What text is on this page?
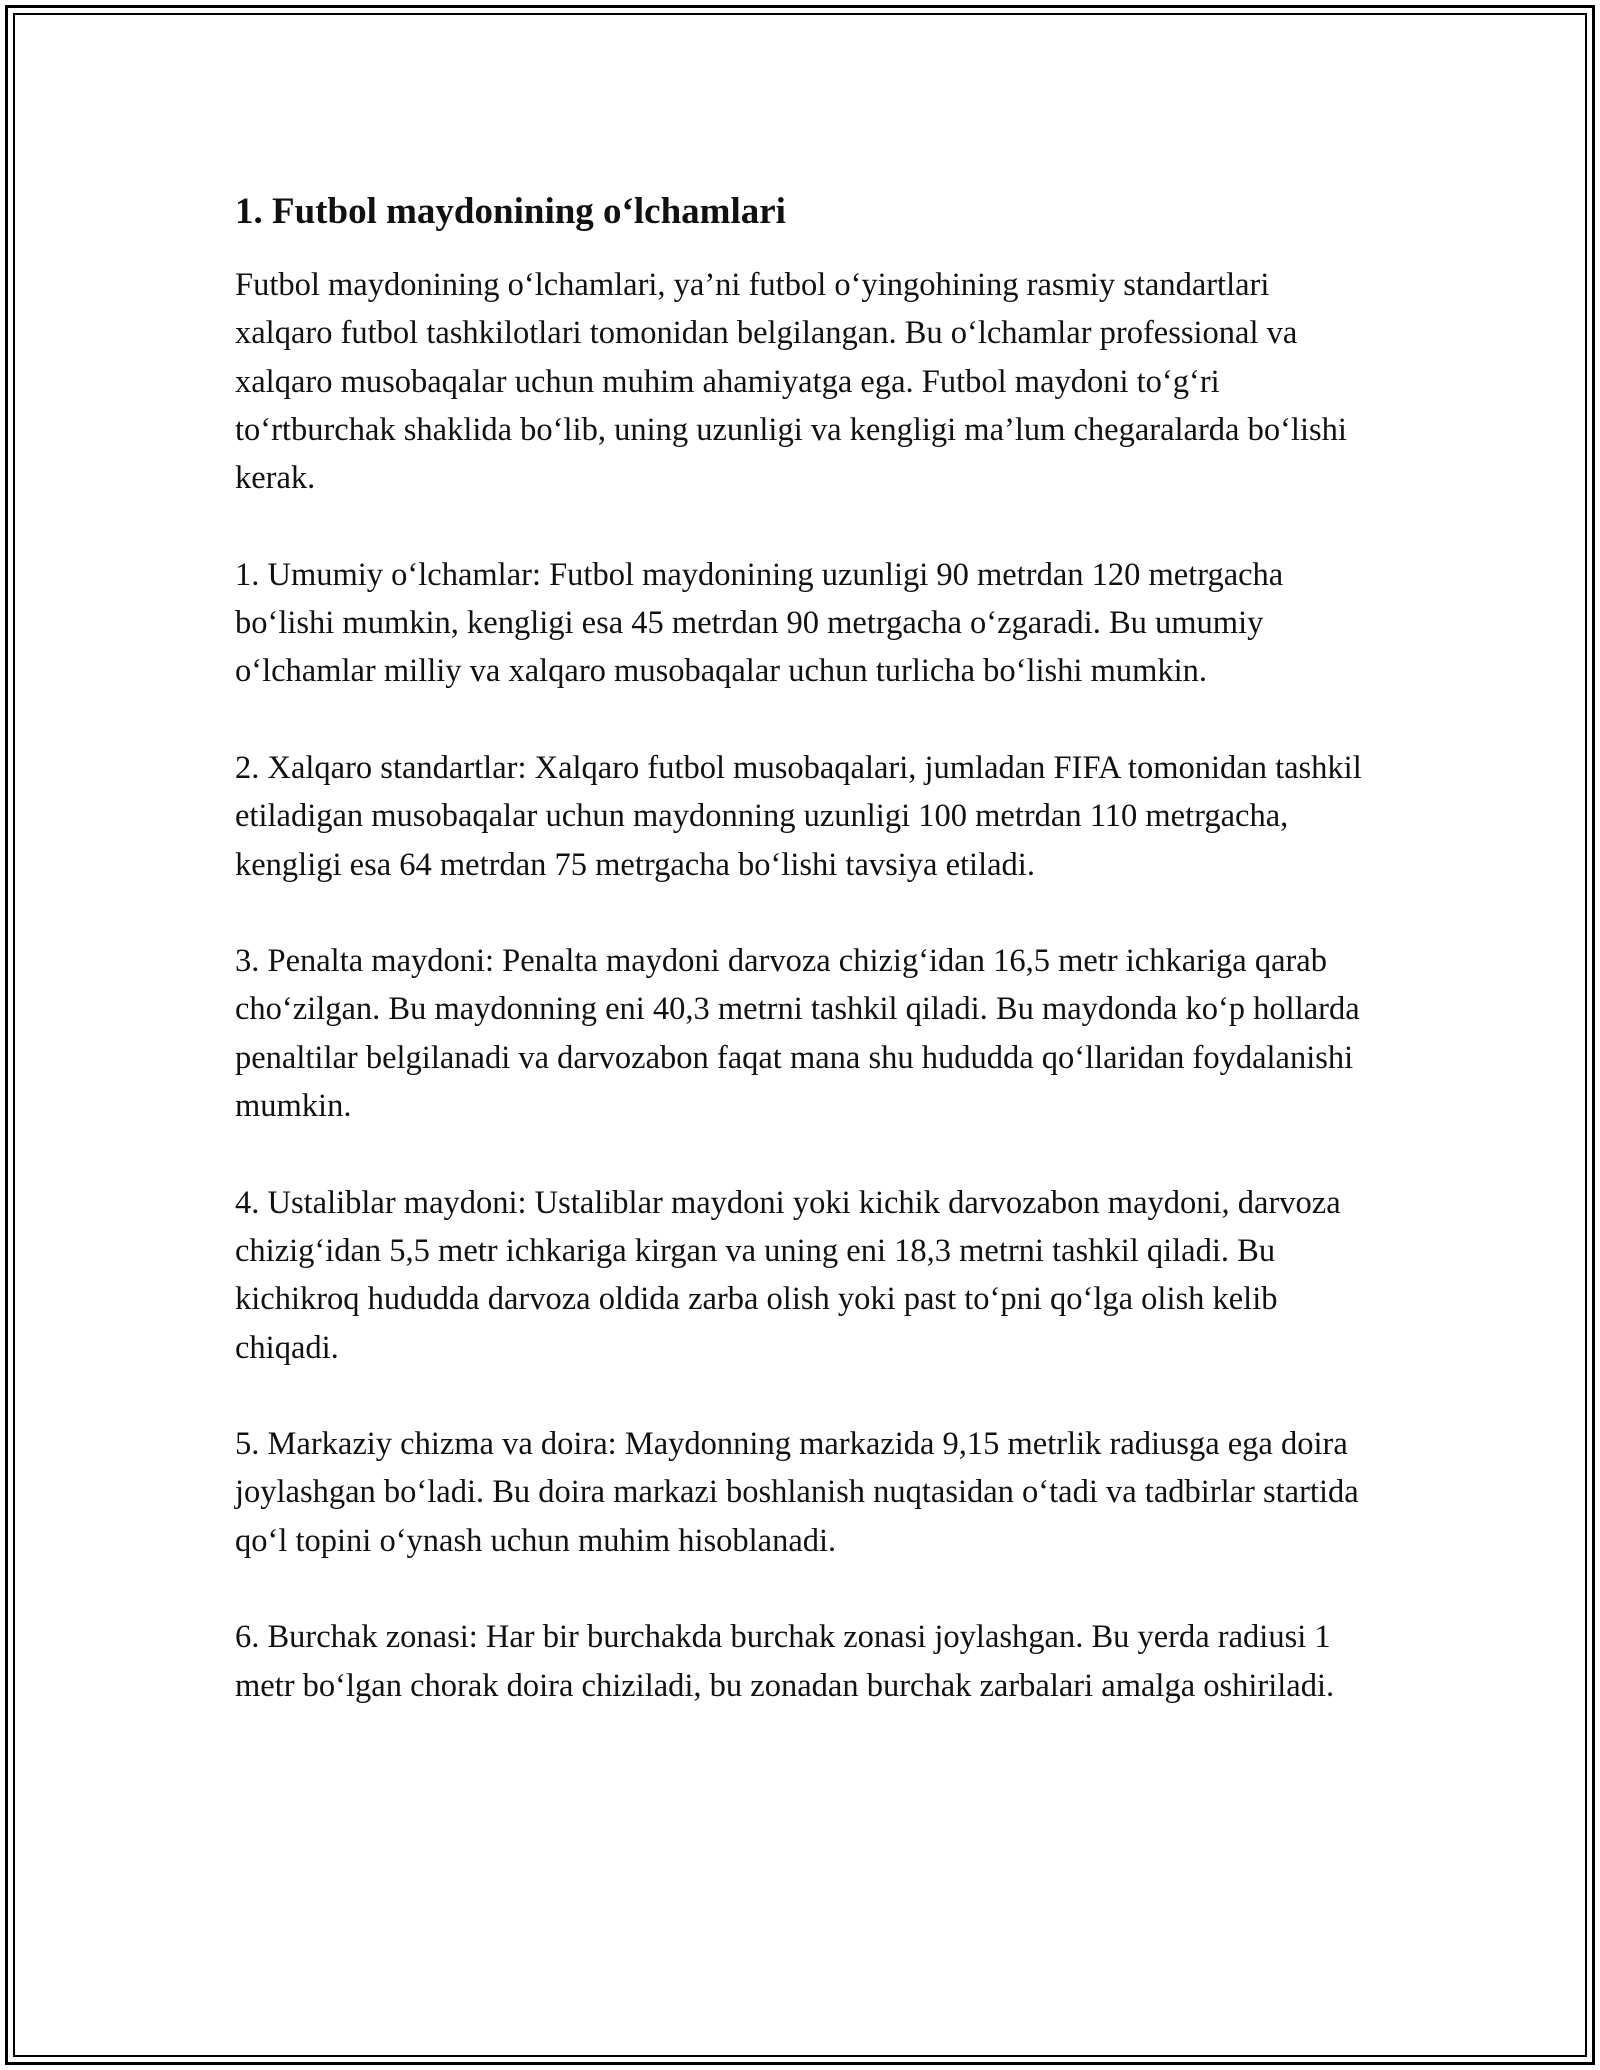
1. Futbol maydonining o‘lchamlari

Futbol maydonining o‘lchamlari, ya’ni futbol o‘yingohining rasmiy standartlari xalqaro futbol tashkilotlari tomonidan belgilangan. Bu o‘lchamlar professional va xalqaro musobaqalar uchun muhim ahamiyatga ega. Futbol maydoni to‘g‘ri to‘rtburchak shaklida bo‘lib, uning uzunligi va kengligi ma’lum chegaralarda bo‘lishi kerak.

1. Umumiy o‘lchamlar: Futbol maydonining uzunligi 90 metrdan 120 metrgacha bo‘lishi mumkin, kengligi esa 45 metrdan 90 metrgacha o‘zgaradi. Bu umumiy o‘lchamlar milliy va xalqaro musobaqalar uchun turlicha bo‘lishi mumkin.

2. Xalqaro standartlar: Xalqaro futbol musobaqalari, jumladan FIFA tomonidan tashkil etiladigan musobaqalar uchun maydonning uzunligi 100 metrdan 110 metrgacha, kengligi esa 64 metrdan 75 metrgacha bo‘lishi tavsiya etiladi.

3. Penalta maydoni: Penalta maydoni darvoza chizig‘idan 16,5 metr ichkariga qarab cho‘zilgan. Bu maydonning eni 40,3 metrni tashkil qiladi. Bu maydonda ko‘p hollarda penaltilar belgilanadi va darvozabon faqat mana shu hududda qo‘llaridan foydalanishi mumkin.

4. Ustaliblar maydoni: Ustaliblar maydoni yoki kichik darvozabon maydoni, darvoza chizig‘idan 5,5 metr ichkariga kirgan va uning eni 18,3 metrni tashkil qiladi. Bu kichikroq hududda darvoza oldida zarba olish yoki past to‘pni qo‘lga olish kelib chiqadi.

5. Markaziy chizma va doira: Maydonning markazida 9,15 metrlik radiusga ega doira joylashgan bo‘ladi. Bu doira markazi boshlanish nuqtasidan o‘tadi va tadbirlar startida qo‘l topini o‘ynash uchun muhim hisoblanadi.

6. Burchak zonasi: Har bir burchakda burchak zonasi joylashgan. Bu yerda radiusi 1 metr bo‘lgan chorak doira chiziladi, bu zonadan burchak zarbalari amalga oshiriladi.
